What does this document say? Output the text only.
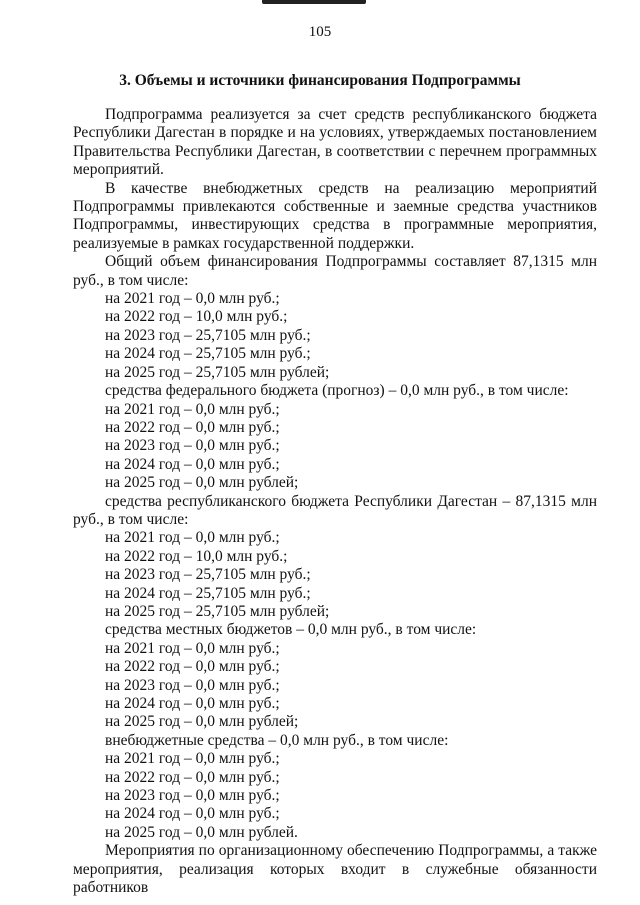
105
3. Объемы и источники финансирования Подпрограммы

Подпрограмма реализуется за счет средств республиканского бюджета Республики Дагестан в порядке и на условиях, утверждаемых постановлением Правительства Республики Дагестан, в соответствии с перечнем программных мероприятий.

В качестве внебюджетных средств на реализацию мероприятий Подпрограммы привлекаются собственные и заемные средства участников Подпрограммы, инвестирующих средства в программные мероприятия, реализуемые в рамках государственной поддержки.

Общий объем финансирования Подпрограммы составляет 87,1315 млн руб., в том числе:

на 2021 год – 0,0 млн руб.;

на 2022 год – 10,0 млн руб.;

на 2023 год – 25,7105 млн руб.;

на 2024 год – 25,7105 млн руб.;

на 2025 год – 25,7105 млн рублей;

средства федерального бюджета (прогноз) – 0,0 млн руб., в том числе:

на 2021 год – 0,0 млн руб.;

на 2022 год – 0,0 млн руб.;

на 2023 год – 0,0 млн руб.;

на 2024 год – 0,0 млн руб.;

на 2025 год – 0,0 млн рублей;

средства республиканского бюджета Республики Дагестан – 87,1315 млн руб., в том числе:

на 2021 год – 0,0 млн руб.;

на 2022 год – 10,0 млн руб.;

на 2023 год – 25,7105 млн руб.;

на 2024 год – 25,7105 млн руб.;

на 2025 год – 25,7105 млн рублей;

средства местных бюджетов – 0,0 млн руб., в том числе:

на 2021 год – 0,0 млн руб.;

на 2022 год – 0,0 млн руб.;

на 2023 год – 0,0 млн руб.;

на 2024 год – 0,0 млн руб.;

на 2025 год – 0,0 млн рублей;

внебюджетные средства – 0,0 млн руб., в том числе:

на 2021 год – 0,0 млн руб.;

на 2022 год – 0,0 млн руб.;

на 2023 год – 0,0 млн руб.;

на 2024 год – 0,0 млн руб.;

на 2025 год – 0,0 млн рублей.

Мероприятия по организационному обеспечению Подпрограммы, а также мероприятия, реализация которых входит в служебные обязанности работников
